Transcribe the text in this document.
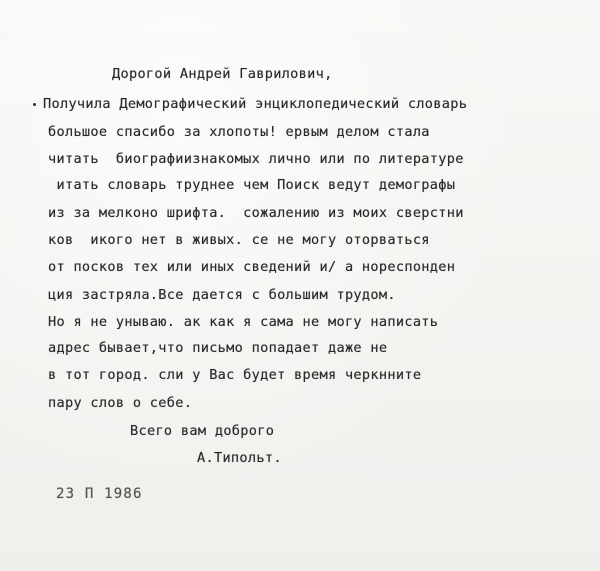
Дорогой Андрей Гаврилович,
Получила Демографический энциклопедический словарь
большое спасибо за хлопоты! ервым делом стала
читать  биографиизнакомых лично или по литературе
итать словарь труднее чем Поиск ведут демографы
из за мелконо шрифта.  сожалению из моих сверстни
ков  икого нет в живых. се не могу оторваться
от посков тех или иных сведений и/ а нореспонден
ция застряла.Все дается с большим трудом.
Но я не унываю. ак как я сама не могу написать
адрес бывает,что письмо попадает даже не
в тот город. сли у Вас будет время черкнните
пару слов о себе.
Всего вам доброго
А.Типольт.
23 П 1986
